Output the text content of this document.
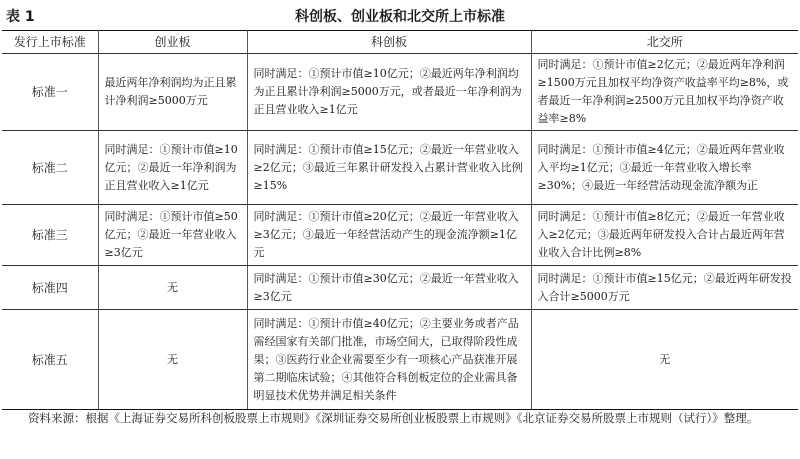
表 1	科创板、创业板和北交所上市标准
发行上市标准	创业板	科创板	北交所
标准一	最近两年净利润均为正且累计净利润≥5000万元	同时满足：①预计市值≥10亿元；②最近两年净利润均为正且累计净利润≥5000万元，或者最近一年净利润为正且营业收入≥1亿元	同时满足：①预计市值≥2亿元；②最近两年净利润≥1500万元且加权平均净资产收益率平均≥8%，或者最近一年净利润≥2500万元且加权平均净资产收益率≥8%
标准二	同时满足：①预计市值≥10亿元；②最近一年净利润为正且营业收入≥1亿元	同时满足：①预计市值≥15亿元；②最近一年营业收入≥2亿元；③最近三年累计研发投入占累计营业收入比例≥15%	同时满足：①预计市值≥4亿元；②最近两年营业收入平均≥1亿元；③最近一年营业收入增长率≥30%；④最近一年经营活动现金流净额为正
标准三	同时满足：①预计市值≥50亿元；②最近一年营业收入≥3亿元	同时满足：①预计市值≥20亿元；②最近一年营业收入≥3亿元；③最近一年经营活动产生的现金流净额≥1亿元	同时满足：①预计市值≥8亿元；②最近一年营业收入≥2亿元；③最近两年研发投入合计占最近两年营业收入合计比例≥8%
标准四	无	同时满足：①预计市值≥30亿元；②最近一年营业收入≥3亿元	同时满足：①预计市值≥15亿元；②最近两年研发投入合计≥5000万元
标准五	无	同时满足：①预计市值≥40亿元；②主要业务或者产品需经国家有关部门批准，市场空间大，已取得阶段性成果；③医药行业企业需要至少有一项核心产品获准开展第二期临床试验；④其他符合科创板定位的企业需具备明显技术优势并满足相关条件	无

资料来源：根据《上海证券交易所科创板股票上市规则》《深圳证券交易所创业板股票上市规则》《北京证券交易所股票上市规则（试行）》整理。
